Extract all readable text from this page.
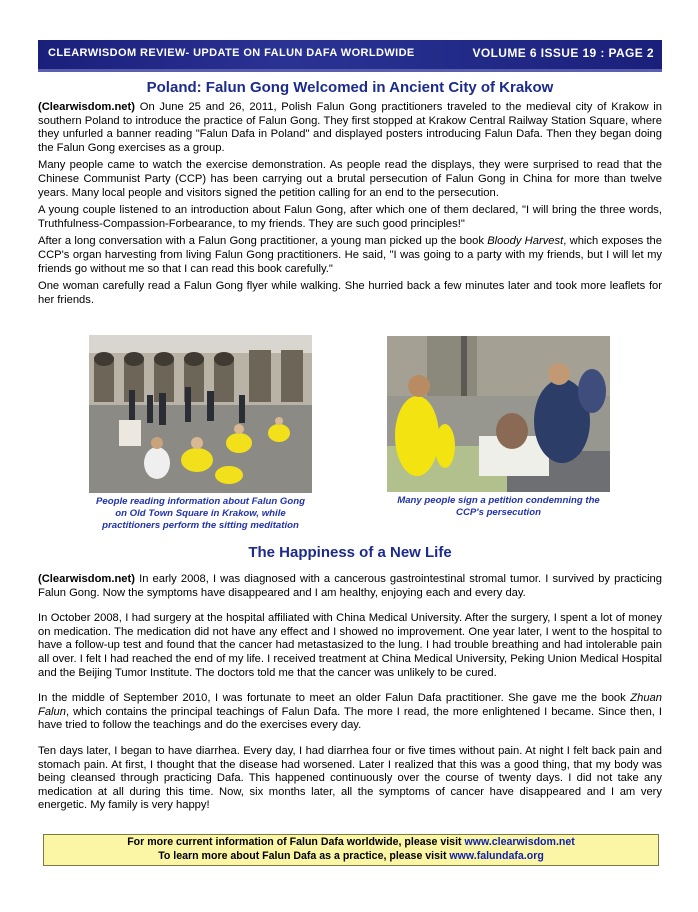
CLEARWISDOM REVIEW- UPDATE ON FALUN DAFA WORLDWIDE	VOLUME 6 ISSUE 19 : PAGE 2
Poland: Falun Gong Welcomed in Ancient City of Krakow

(Clearwisdom.net) On June 25 and 26, 2011, Polish Falun Gong practitioners traveled to the medieval city of Krakow in southern Poland to introduce the practice of Falun Gong. They first stopped at Krakow Central Railway Station Square, where they unfurled a banner reading "Falun Dafa in Poland" and displayed posters introducing Falun Dafa. Then they began doing the Falun Gong exercises as a group.

Many people came to watch the exercise demonstration. As people read the displays, they were surprised to read that the Chinese Communist Party (CCP) has been carrying out a brutal persecution of Falun Gong in China for more than twelve years. Many local people and visitors signed the petition calling for an end to the persecution.

A young couple listened to an introduction about Falun Gong, after which one of them declared, "I will bring the three words, Truthfulness-Compassion-Forbearance, to my friends. They are such good principles!"

After a long conversation with a Falun Gong practitioner, a young man picked up the book Bloody Harvest, which exposes the CCP's organ harvesting from living Falun Gong practitioners. He said, "I was going to a party with my friends, but I will let my friends go without me so that I can read this book carefully."

One woman carefully read a Falun Gong flyer while walking. She hurried back a few minutes later and took more leaflets for her friends.

People reading information about Falun Gong on Old Town Square in Krakow, while practitioners perform the sitting meditation
Many people sign a petition condemning the CCP's persecution
The Happiness of a New Life

(Clearwisdom.net) In early 2008, I was diagnosed with a cancerous gastrointestinal stromal tumor. I survived by practicing Falun Gong. Now the symptoms have disappeared and I am healthy, enjoying each and every day.

In October 2008, I had surgery at the hospital affiliated with China Medical University. After the surgery, I spent a lot of money on medication. The medication did not have any effect and I showed no improvement. One year later, I went to the hospital to have a follow-up test and found that the cancer had metastasized to the lung. I had trouble breathing and had intolerable pain all over. I felt I had reached the end of my life. I received treatment at China Medical University, Peking Union Medical Hospital and the Beijing Tumor Institute. The doctors told me that the cancer was unlikely to be cured.

In the middle of September 2010, I was fortunate to meet an older Falun Dafa practitioner. She gave me the book Zhuan Falun, which contains the principal teachings of Falun Dafa. The more I read, the more enlightened I became. Since then, I have tried to follow the teachings and do the exercises every day.

Ten days later, I began to have diarrhea. Every day, I had diarrhea four or five times without pain. At night I felt back pain and stomach pain. At first, I thought that the disease had worsened. Later I realized that this was a good thing, that my body was being cleansed through practicing Dafa. This happened continuously over the course of twenty days. I did not take any medication at all during this time. Now, six months later, all the symptoms of cancer have disappeared and I am very energetic. My family is very happy!

For more current information of Falun Dafa worldwide, please visit www.clearwisdom.net
To learn more about Falun Dafa as a practice, please visit www.falundafa.org
